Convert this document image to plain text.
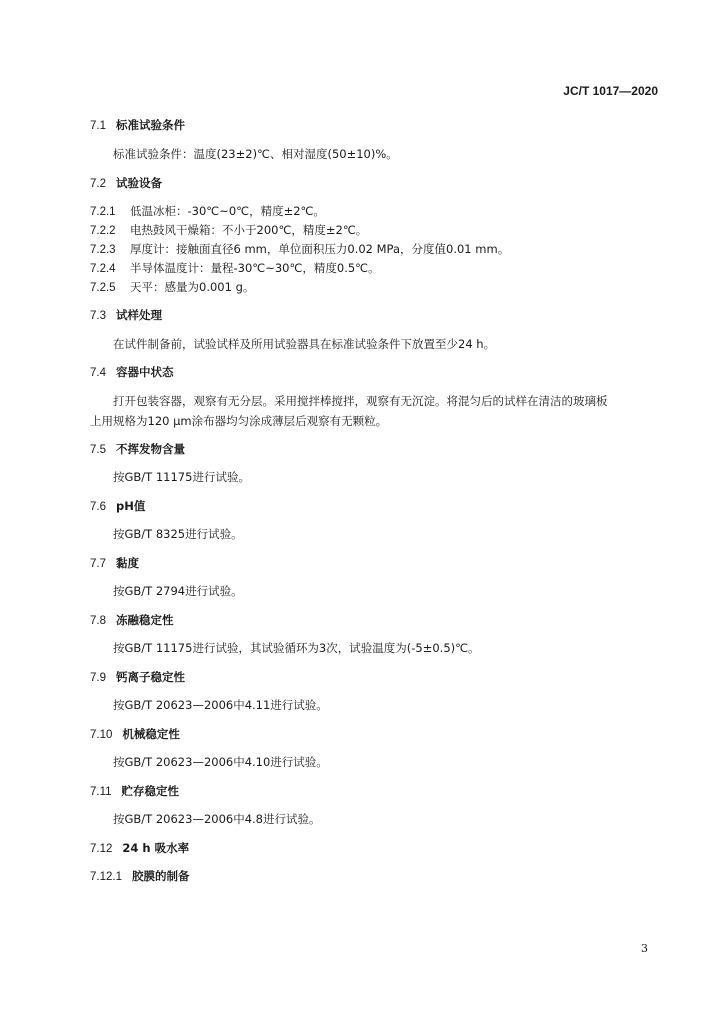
JC/T 1017—2020
7.1 标准试验条件
标准试验条件：温度(23±2)℃、相对湿度(50±10)%。
7.2 试验设备
7.2.1 低温冰柜：-30℃~0℃，精度±2℃。
7.2.2 电热鼓风干燥箱：不小于200℃，精度±2℃。
7.2.3 厚度计：接触面直径6 mm，单位面积压力0.02 MPa，分度值0.01 mm。
7.2.4 半导体温度计：量程-30℃~30℃，精度0.5℃。
7.2.5 天平：感量为0.001 g。
7.3 试样处理
在试件制备前，试验试样及所用试验器具在标准试验条件下放置至少24 h。
7.4 容器中状态
打开包装容器，观察有无分层。采用搅拌棒搅拌，观察有无沉淀。将混匀后的试样在清洁的玻璃板上用规格为120 μm涂布器均匀涂成薄层后观察有无颗粒。
7.5 不挥发物含量
按GB/T 11175进行试验。
7.6 pH值
按GB/T 8325进行试验。
7.7 黏度
按GB/T 2794进行试验。
7.8 冻融稳定性
按GB/T 11175进行试验，其试验循环为3次，试验温度为(-5±0.5)℃。
7.9 钙离子稳定性
按GB/T 20623—2006中4.11进行试验。
7.10 机械稳定性
按GB/T 20623—2006中4.10进行试验。
7.11 贮存稳定性
按GB/T 20623—2006中4.8进行试验。
7.12 24 h 吸水率
7.12.1 胶膜的制备
3
